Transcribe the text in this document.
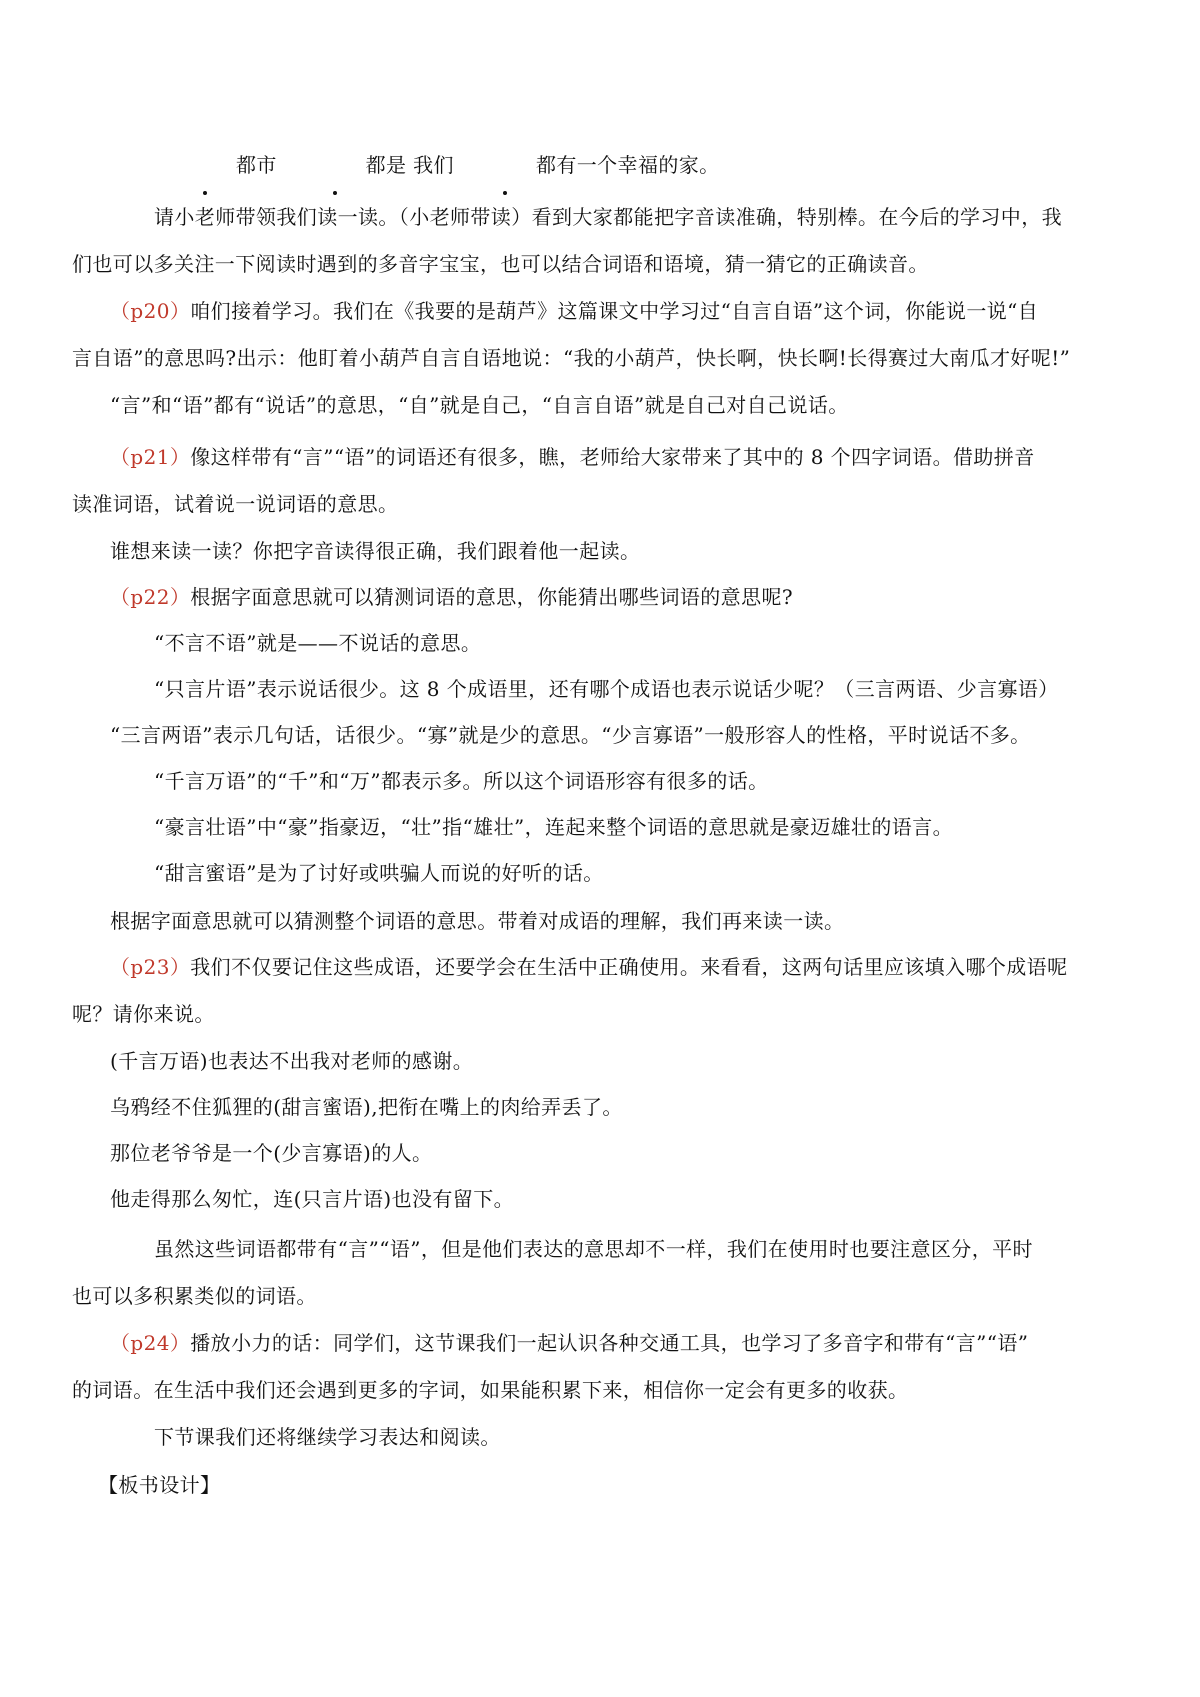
都市	都是 我们	都有一个幸福的家。

请小老师带领我们读一读。（小老师带读）看到大家都能把字音读准确，特别棒。在今后的学习中，我
们也可以多关注一下阅读时遇到的多音字宝宝，也可以结合词语和语境，猜一猜它的正确读音。

（p20）咱们接着学习。我们在《我要的是葫芦》这篇课文中学习过“自言自语”这个词，你能说一说“自
言自语”的意思吗?出示：他盯着小葫芦自言自语地说：“我的小葫芦，快长啊，快长啊!长得赛过大南瓜才好呢!”

“言”和“语”都有“说话”的意思，“自”就是自己，“自言自语”就是自己对自己说话。

（p21）像这样带有“言”“语”的词语还有很多，瞧，老师给大家带来了其中的 8 个四字词语。借助拼音
读准词语，试着说一说词语的意思。

谁想来读一读？你把字音读得很正确，我们跟着他一起读。

（p22）根据字面意思就可以猜测词语的意思，你能猜出哪些词语的意思呢?

“不言不语”就是——不说话的意思。

“只言片语”表示说话很少。这 8 个成语里，还有哪个成语也表示说话少呢？（三言两语、少言寡语）

“三言两语”表示几句话，话很少。“寡”就是少的意思。“少言寡语”一般形容人的性格，平时说话不多。

“千言万语”的“千”和“万”都表示多。所以这个词语形容有很多的话。

“豪言壮语”中“豪”指豪迈，“壮”指“雄壮”，连起来整个词语的意思就是豪迈雄壮的语言。

“甜言蜜语”是为了讨好或哄骗人而说的好听的话。

根据字面意思就可以猜测整个词语的意思。带着对成语的理解，我们再来读一读。

（p23）我们不仅要记住这些成语，还要学会在生活中正确使用。来看看，这两句话里应该填入哪个成语呢
呢？请你来说。

(千言万语)也表达不出我对老师的感谢。

乌鸦经不住狐狸的(甜言蜜语),把衔在嘴上的肉给弄丢了。

那位老爷爷是一个(少言寡语)的人。

他走得那么匆忙，连(只言片语)也没有留下。

虽然这些词语都带有“言”“语”，但是他们表达的意思却不一样，我们在使用时也要注意区分，平时
也可以多积累类似的词语。

（p24）播放小力的话：同学们，这节课我们一起认识各种交通工具，也学习了多音字和带有“言”“语”
的词语。在生活中我们还会遇到更多的字词，如果能积累下来，相信你一定会有更多的收获。

下节课我们还将继续学习表达和阅读。

【板书设计】
